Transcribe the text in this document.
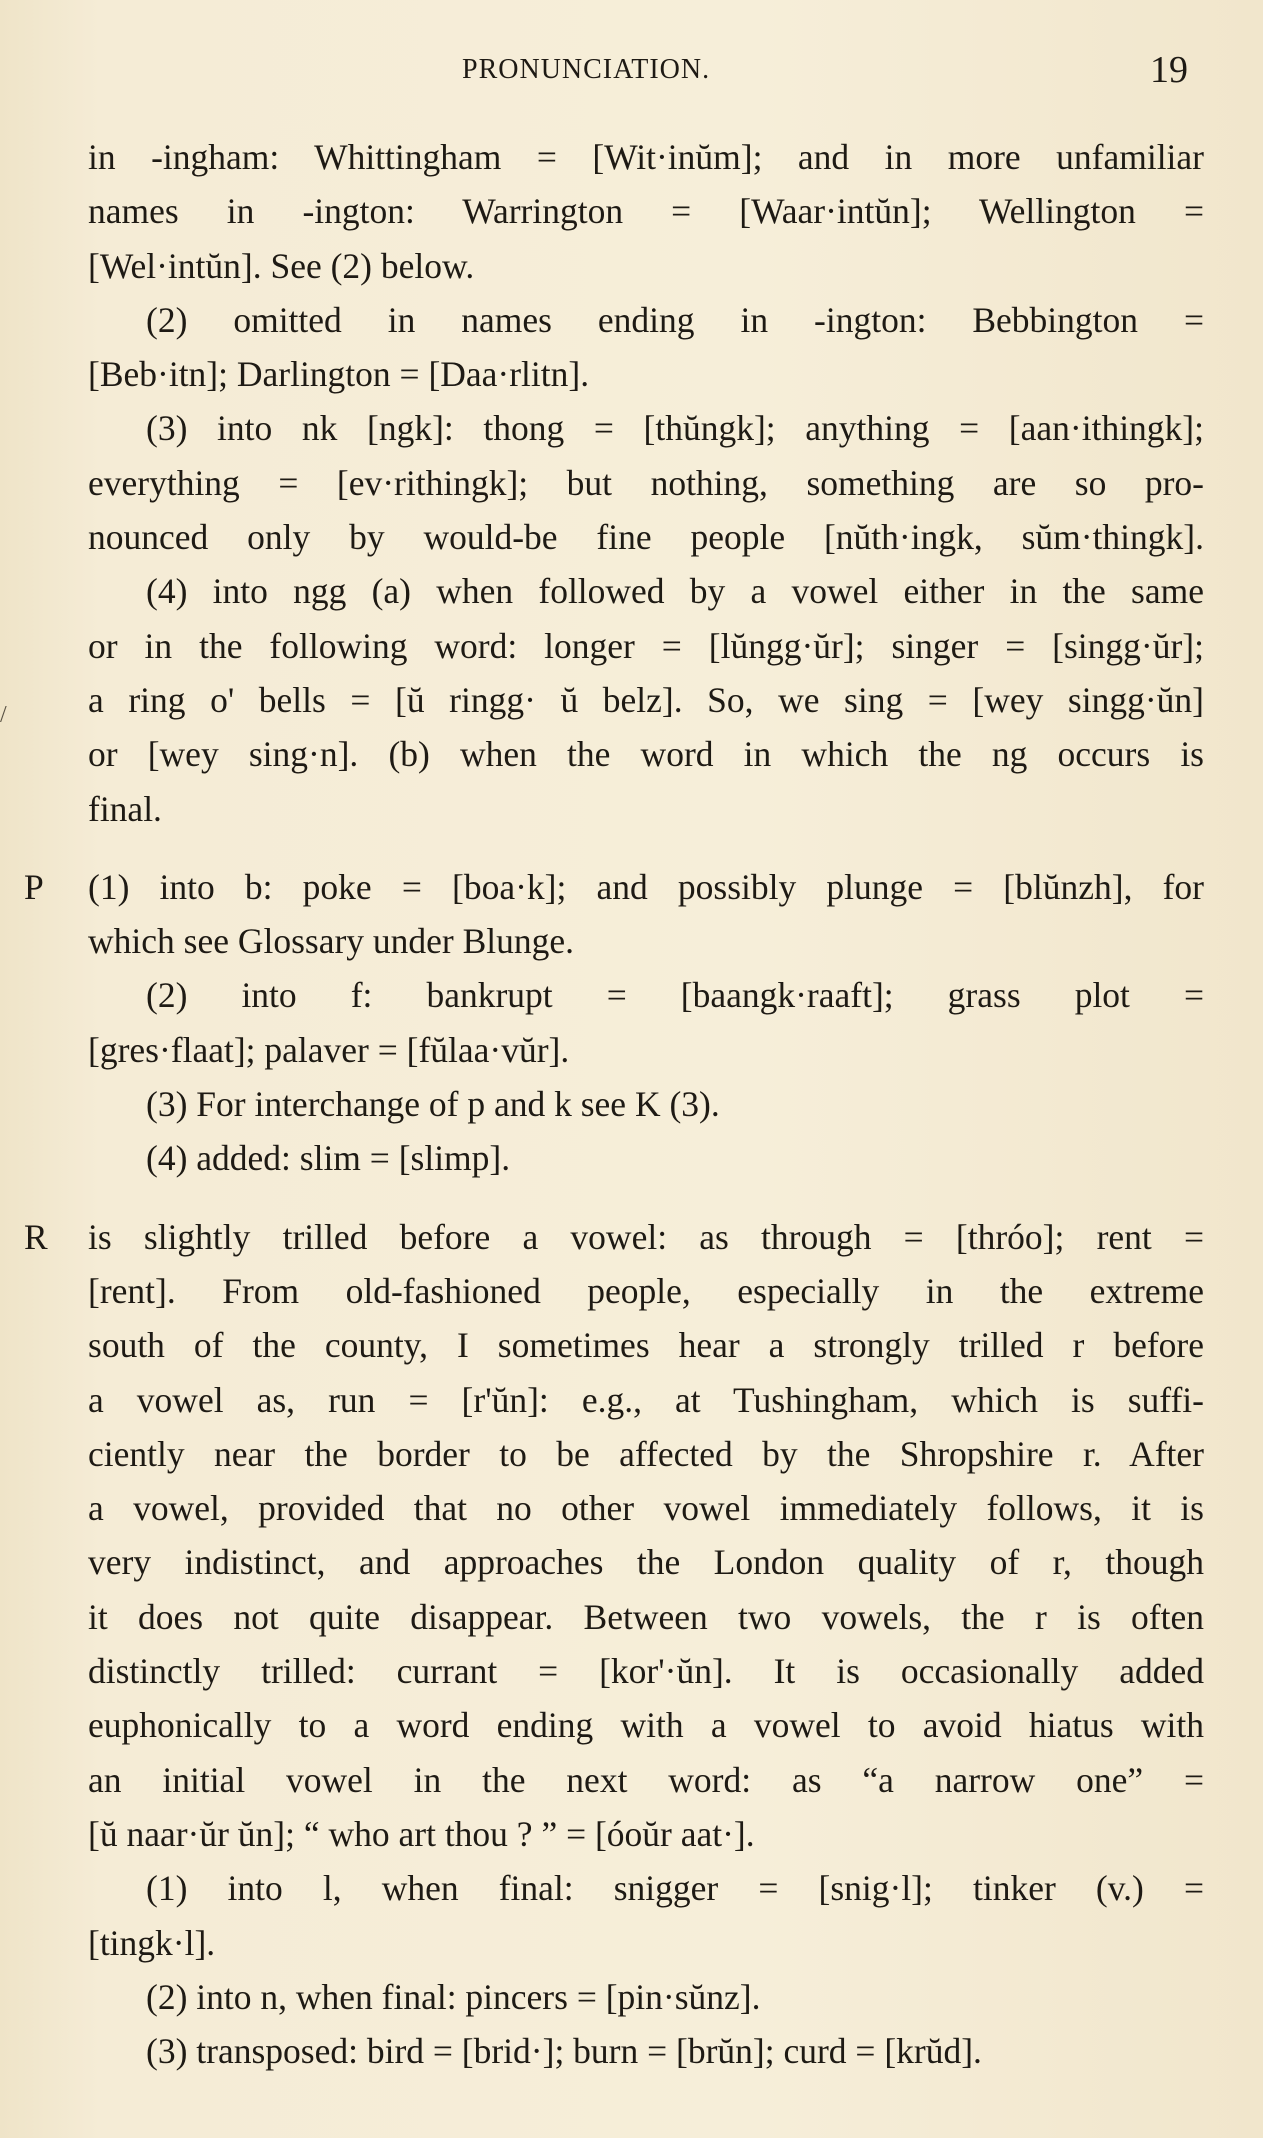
PRONUNCIATION.	19
/
in -ingham: Whittingham = [Wit·inŭm]; and in more unfamiliar
names in -ington: Warrington = [Waar·intŭn]; Wellington =
[Wel·intŭn]. See (2) below.
(2) omitted in names ending in -ington: Bebbington =
[Beb·itn]; Darlington = [Daa·rlitn].
(3) into nk [ngk]: thong = [thŭngk]; anything = [aan·ithingk];
everything = [ev·rithingk]; but nothing, something are so pro-
nounced only by would-be fine people [nŭth·ingk, sŭm·thingk].
(4) into ngg (a) when followed by a vowel either in the same
or in the following word: longer = [lŭngg·ŭr]; singer = [singg·ŭr];
a ring o' bells = [ŭ ringg· ŭ belz]. So, we sing = [wey singg·ŭn]
or [wey sing·n]. (b) when the word in which the ng occurs is
final.
P	(1) into b: poke = [boa·k]; and possibly plunge = [blŭnzh], for
which see Glossary under Blunge.
(2) into f: bankrupt = [baangk·raaft]; grass plot =
[gres·flaat]; palaver = [fŭlaa·vŭr].
(3) For interchange of p and k see K (3).
(4) added: slim = [slimp].
R	is slightly trilled before a vowel: as through = [thróo]; rent =
[rent]. From old-fashioned people, especially in the extreme
south of the county, I sometimes hear a strongly trilled r before
a vowel as, run = [r'ŭn]: e.g., at Tushingham, which is suffi-
ciently near the border to be affected by the Shropshire r. After
a vowel, provided that no other vowel immediately follows, it is
very indistinct, and approaches the London quality of r, though
it does not quite disappear. Between two vowels, the r is often
distinctly trilled: currant = [kor'·ŭn]. It is occasionally added
euphonically to a word ending with a vowel to avoid hiatus with
an initial vowel in the next word: as “a narrow one” =
[ŭ naar·ŭr ŭn]; “ who art thou ? ” = [óoŭr aat·].
(1) into l, when final: snigger = [snig·l]; tinker (v.) =
[tingk·l].
(2) into n, when final: pincers = [pin·sŭnz].
(3) transposed: bird = [brid·]; burn = [brŭn]; curd = [krŭd].
